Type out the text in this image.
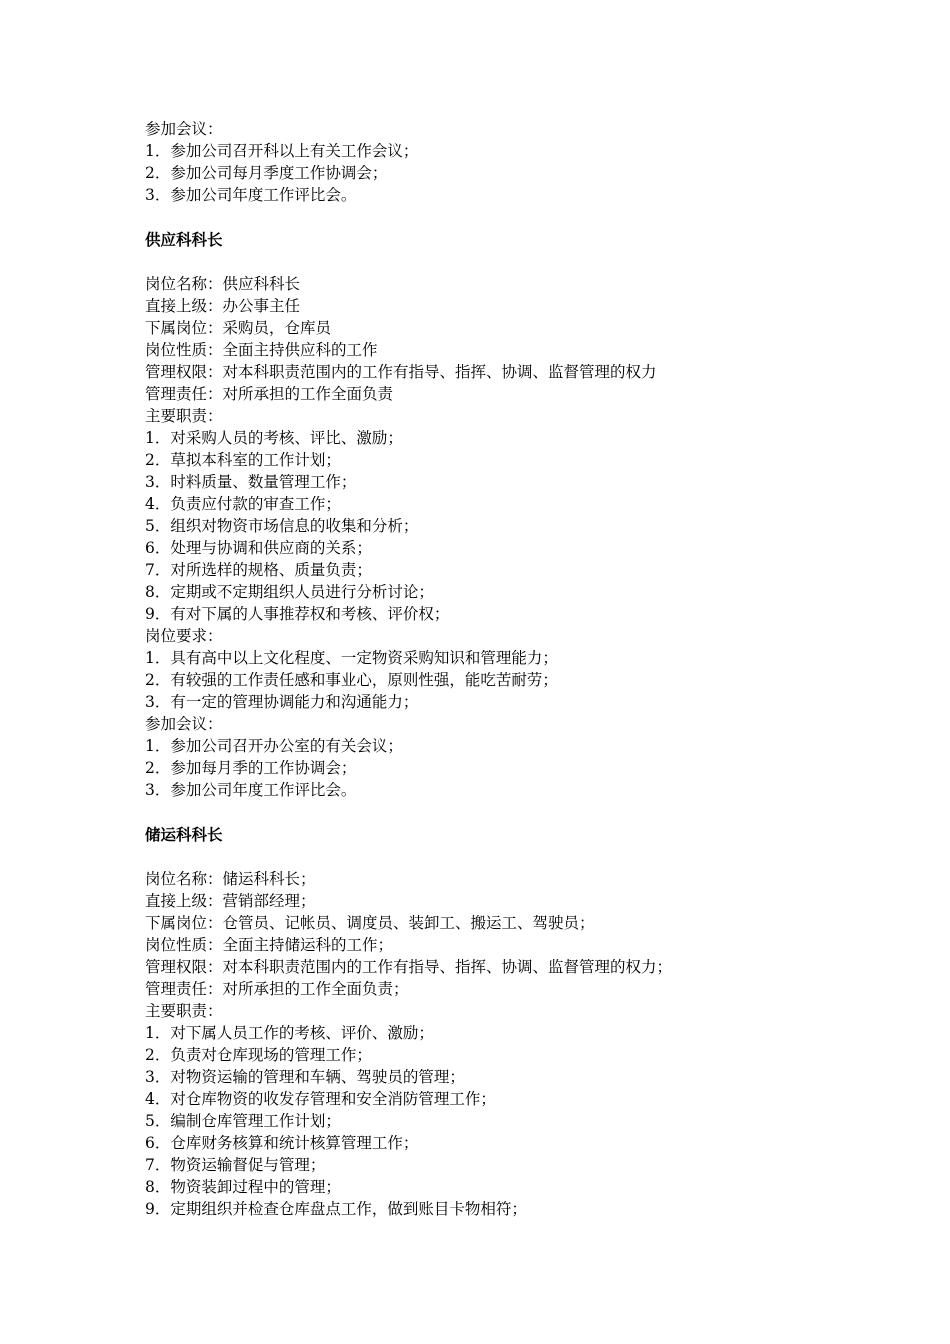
参加会议：
1．参加公司召开科以上有关工作会议；
2．参加公司每月季度工作协调会；
3．参加公司年度工作评比会。
供应科科长
岗位名称：供应科科长
直接上级：办公事主任
下属岗位：采购员，仓库员
岗位性质：全面主持供应科的工作
管理权限：对本科职责范围内的工作有指导、指挥、协调、监督管理的权力
管理责任：对所承担的工作全面负责
主要职责：
1．对采购人员的考核、评比、激励；
2．草拟本科室的工作计划；
3．时料质量、数量管理工作；
4．负责应付款的审查工作；
5．组织对物资市场信息的收集和分析；
6．处理与协调和供应商的关系；
7．对所选样的规格、质量负责；
8．定期或不定期组织人员进行分析讨论；
9．有对下属的人事推荐权和考核、评价权；
岗位要求：
1．具有高中以上文化程度、一定物资采购知识和管理能力；
2．有较强的工作责任感和事业心，原则性强，能吃苦耐劳；
3．有一定的管理协调能力和沟通能力；
参加会议：
1．参加公司召开办公室的有关会议；
2．参加每月季的工作协调会；
3．参加公司年度工作评比会。
储运科科长
岗位名称：储运科科长；
直接上级：营销部经理；
下属岗位：仓管员、记帐员、调度员、装卸工、搬运工、驾驶员；
岗位性质：全面主持储运科的工作；
管理权限：对本科职责范围内的工作有指导、指挥、协调、监督管理的权力；
管理责任：对所承担的工作全面负责；
主要职责：
1．对下属人员工作的考核、评价、激励；
2．负责对仓库现场的管理工作；
3．对物资运输的管理和车辆、驾驶员的管理；
4．对仓库物资的收发存管理和安全消防管理工作；
5．编制仓库管理工作计划；
6．仓库财务核算和统计核算管理工作；
7．物资运输督促与管理；
8．物资装卸过程中的管理；
9．定期组织并检查仓库盘点工作，做到账目卡物相符；
